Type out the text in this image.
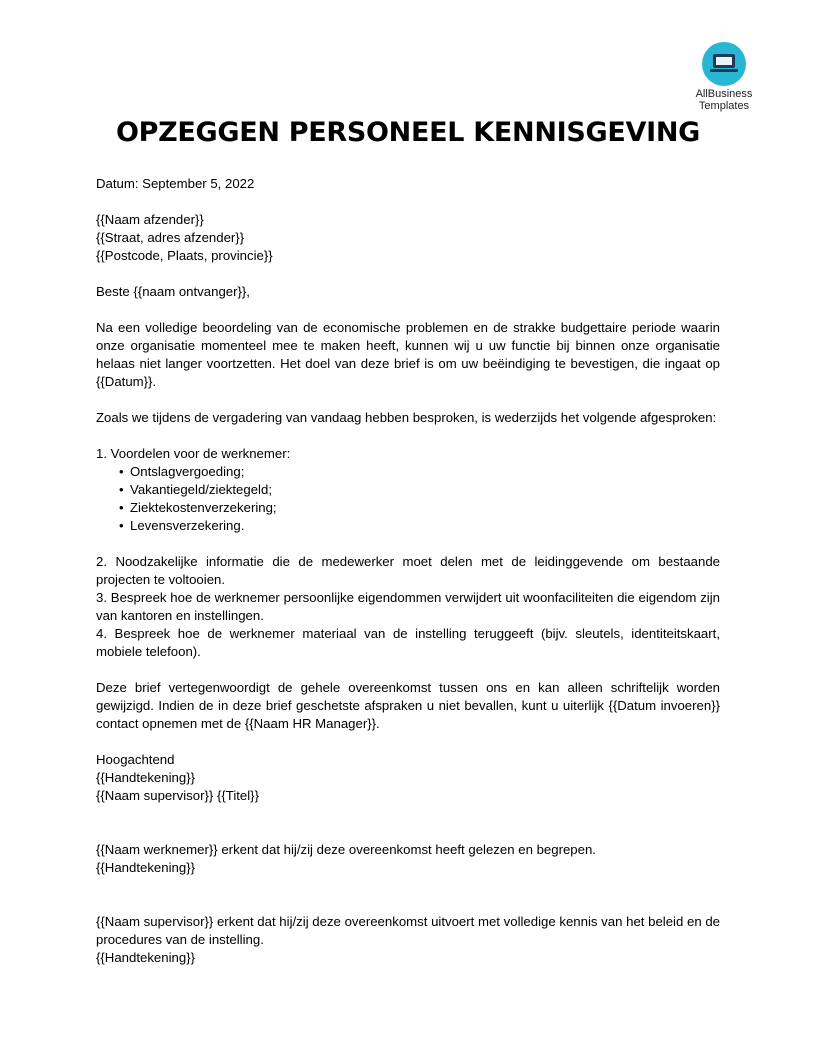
AllBusiness
Templates
OPZEGGEN PERSONEEL KENNISGEVING

Datum: September 5, 2022

{{Naam afzender}}

{{Straat, adres afzender}}

{{Postcode, Plaats, provincie}}

Beste {{naam ontvanger}},

Na een volledige beoordeling van de economische problemen en de strakke budgettaire periode waarin onze organisatie momenteel mee te maken heeft, kunnen wij u uw functie bij binnen onze organisatie helaas niet langer voortzetten. Het doel van deze brief is om uw beëindiging te bevestigen, die ingaat op {{Datum}}.

Zoals we tijdens de vergadering van vandaag hebben besproken, is wederzijds het volgende afgesproken:

1. Voordelen voor de werknemer:

• Ontslagvergoeding;
• Vakantiegeld/ziektegeld;
• Ziektekostenverzekering;
• Levensverzekering.

2. Noodzakelijke informatie die de medewerker moet delen met de leidinggevende om bestaande projecten te voltooien.

3. Bespreek hoe de werknemer persoonlijke eigendommen verwijdert uit woonfaciliteiten die eigendom zijn van kantoren en instellingen.

4. Bespreek hoe de werknemer materiaal van de instelling teruggeeft (bijv. sleutels, identiteitskaart, mobiele telefoon).

Deze brief vertegenwoordigt de gehele overeenkomst tussen ons en kan alleen schriftelijk worden gewijzigd. Indien de in deze brief geschetste afspraken u niet bevallen, kunt u uiterlijk {{Datum invoeren}} contact opnemen met de {{Naam HR Manager}}.

Hoogachtend

{{Handtekening}}

{{Naam supervisor}} {{Titel}}

{{Naam werknemer}} erkent dat hij/zij deze overeenkomst heeft gelezen en begrepen.

{{Handtekening}}

{{Naam supervisor}} erkent dat hij/zij deze overeenkomst uitvoert met volledige kennis van het beleid en de procedures van de instelling.

{{Handtekening}}
